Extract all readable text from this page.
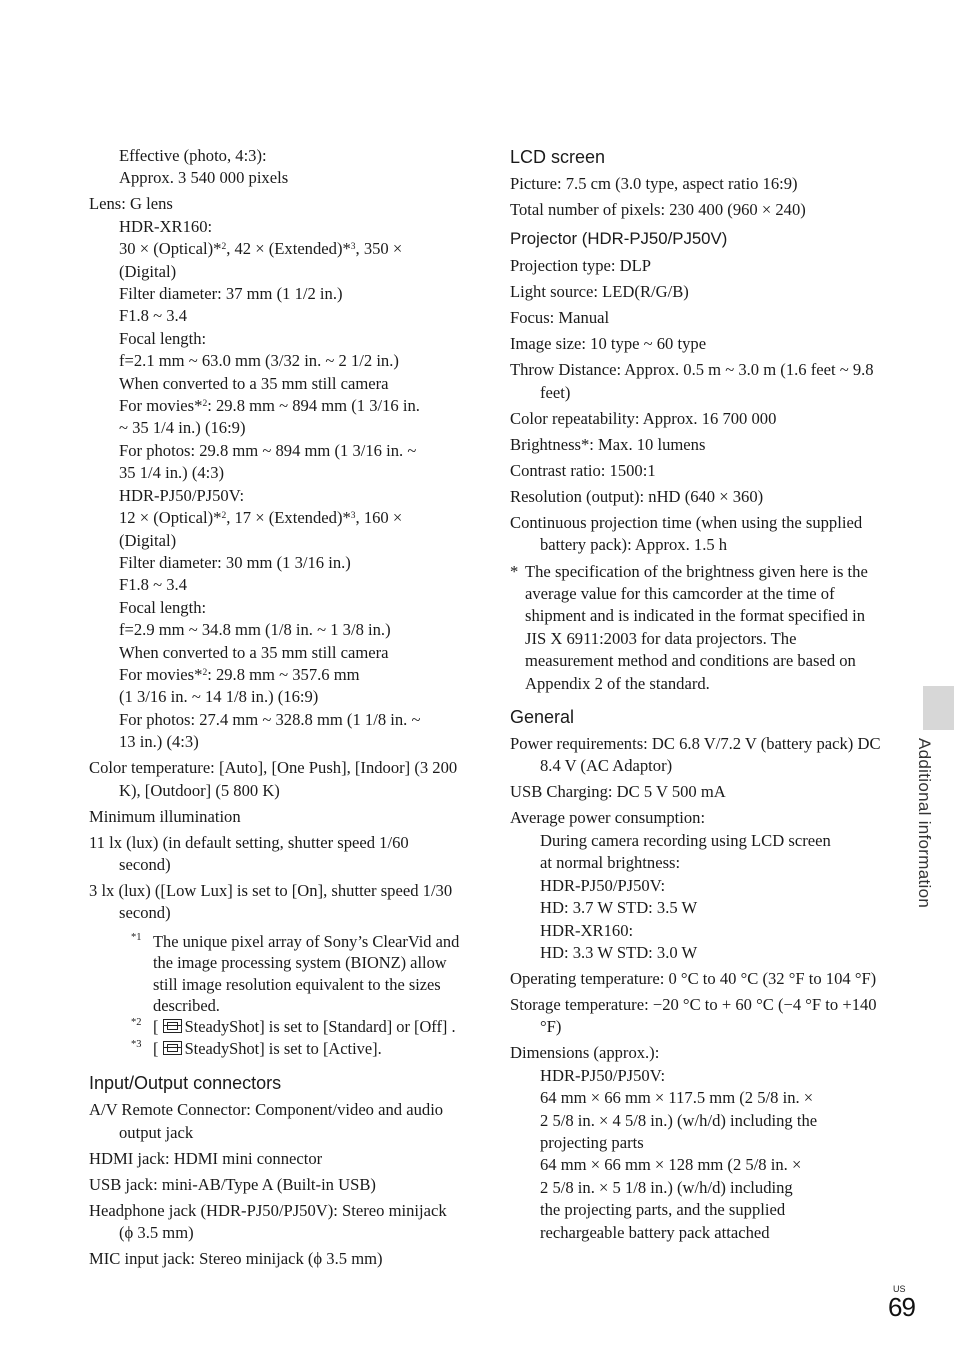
Effective (photo, 4:3):
Approx. 3 540 000 pixels
Lens: G lens
HDR-XR160:
30 × (Optical)*$^2$, 42 × (Extended)*$^3$, 350 ×
(Digital)
Filter diameter: 37 mm (1 1/2 in.)
F1.8 ~ 3.4
Focal length:
f=2.1 mm ~ 63.0 mm (3/32 in. ~ 2 1/2 in.)
When converted to a 35 mm still camera
For movies*$^2$: 29.8 mm ~ 894 mm (1 3/16 in.
~ 35 1/4 in.) (16:9)
For photos: 29.8 mm ~ 894 mm (1 3/16 in. ~
35 1/4 in.) (4:3)
HDR-PJ50/PJ50V:
12 × (Optical)*$^2$, 17 × (Extended)*$^3$, 160 ×
(Digital)
Filter diameter: 30 mm (1 3/16 in.)
F1.8 ~ 3.4
Focal length:
f=2.9 mm ~ 34.8 mm (1/8 in. ~ 1 3/8 in.)
When converted to a 35 mm still camera
For movies*$^2$: 29.8 mm ~ 357.6 mm
(1 3/16 in. ~ 14 1/8 in.) (16:9)
For photos: 27.4 mm ~ 328.8 mm (1 1/8 in. ~
13 in.) (4:3)

Color temperature: [Auto], [One Push], [Indoor] (3 200 K), [Outdoor] (5 800 K)

Minimum illumination

11 lx (lux) (in default setting, shutter speed 1/60 second)

3 lx (lux) ([Low Lux] is set to [On], shutter speed 1/30 second)

*1 The unique pixel array of Sony’s ClearVid and the image processing system (BIONZ) allow still image resolution equivalent to the sizes described.
*2 [ SteadyShot] is set to [Standard] or [Off] .
*3 [ SteadyShot] is set to [Active].
Input/Output connectors

A/V Remote Connector: Component/video and audio output jack

HDMI jack: HDMI mini connector

USB jack: mini-AB/Type A (Built-in USB)

Headphone jack (HDR-PJ50/PJ50V): Stereo minijack (ϕ 3.5 mm)

MIC input jack: Stereo minijack (ϕ 3.5 mm)

LCD screen

Picture: 7.5 cm (3.0 type, aspect ratio 16:9)

Total number of pixels: 230 400 (960 × 240)

Projector (HDR-PJ50/PJ50V)

Projection type: DLP

Light source: LED(R/G/B)

Focus: Manual

Image size: 10 type ~ 60 type

Throw Distance: Approx. 0.5 m ~ 3.0 m (1.6 feet ~ 9.8 feet)

Color repeatability: Approx. 16 700 000

Brightness*: Max. 10 lumens

Contrast ratio: 1500:1

Resolution (output): nHD (640 × 360)

Continuous projection time (when using the supplied battery pack): Approx. 1.5 h

* The specification of the brightness given here is the average value for this camcorder at the time of shipment and is indicated in the format specified in JIS X 6911:2003 for data projectors. The measurement method and conditions are based on Appendix 2 of the standard.
General

Power requirements: DC 6.8 V/7.2 V (battery pack) DC 8.4 V (AC Adaptor)

USB Charging: DC 5 V 500 mA

Average power consumption:
During camera recording using LCD screen
at normal brightness:
HDR-PJ50/PJ50V:
HD: 3.7 W STD: 3.5 W
HDR-XR160:
HD: 3.3 W STD: 3.0 W

Operating temperature: 0 °C to 40 °C (32 °F to 104 °F)

Storage temperature: −20 °C to + 60 °C (−4 °F to +140 °F)

Dimensions (approx.):
HDR-PJ50/PJ50V:
64 mm × 66 mm × 117.5 mm (2 5/8 in. ×
2 5/8 in. × 4 5/8 in.) (w/h/d) including the
projecting parts
64 mm × 66 mm × 128 mm (2 5/8 in. ×
2 5/8 in. × 5 1/8 in.) (w/h/d) including
the projecting parts, and the supplied
rechargeable battery pack attached
Additional information
US
69
